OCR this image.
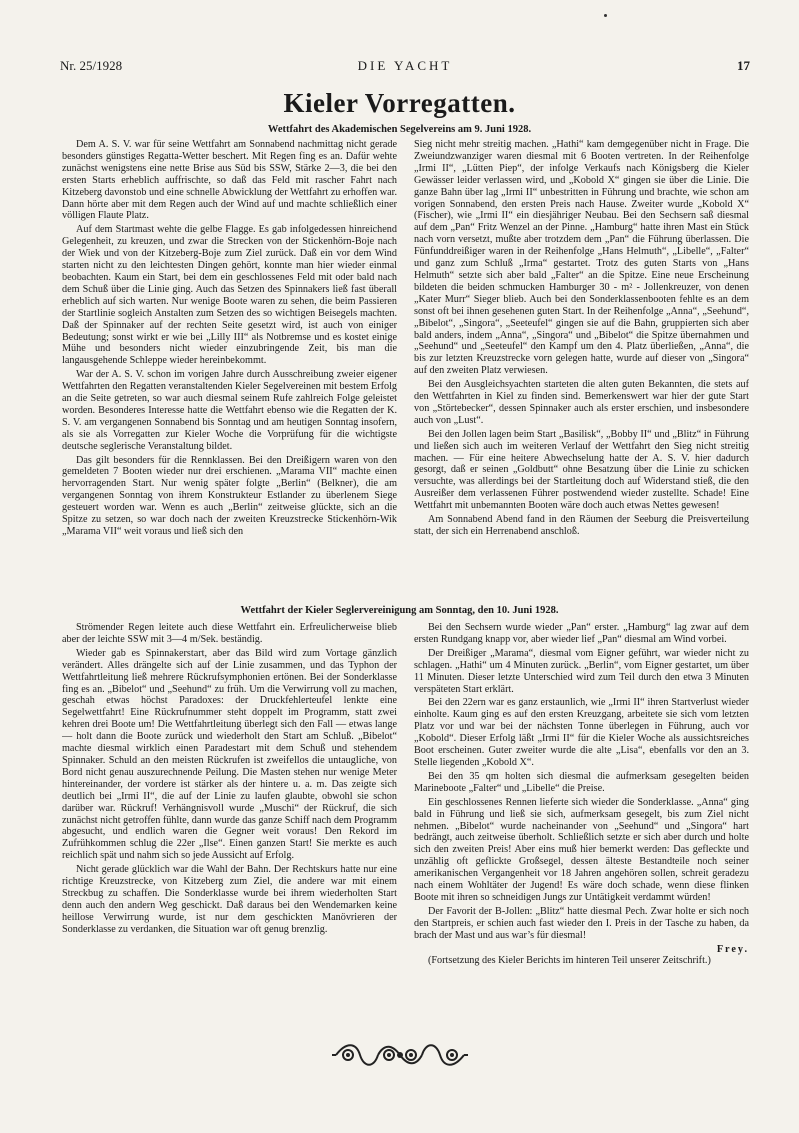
Nr. 25/1928	DIE YACHT	17
Kieler Vorregatten.
Wettfahrt des Akademischen Segelvereins am 9. Juni 1928.

Dem A. S. V. war für seine Wettfahrt am Sonnabend nachmittag nicht gerade besonders günstiges Regatta-Wetter beschert. Mit Regen fing es an. Dafür wehte zunächst wenigstens eine nette Brise aus Süd bis SSW, Stärke 2—3, die bei den ersten Starts erheblich auffrischte, so daß das Feld mit rascher Fahrt nach Kitzeberg davonstob und eine schnelle Abwicklung der Wettfahrt zu erhoffen war. Dann hörte aber mit dem Regen auch der Wind auf und machte schließlich einer völligen Flaute Platz.

Auf dem Startmast wehte die gelbe Flagge. Es gab infolgedessen hinreichend Gelegenheit, zu kreuzen, und zwar die Strecken von der Stickenhörn-Boje nach der Wiek und von der Kitzeberg-Boje zum Ziel zurück. Daß ein vor dem Wind starten nicht zu den leichtesten Dingen gehört, konnte man hier wieder einmal beobachten. Kaum ein Start, bei dem ein geschlossenes Feld mit oder bald nach dem Schuß über die Linie ging. Auch das Setzen des Spinnakers ließ fast überall erheblich auf sich warten. Nur wenige Boote waren zu sehen, die beim Passieren der Startlinie sogleich Anstalten zum Setzen des so wichtigen Beisegels machten. Daß der Spinnaker auf der rechten Seite gesetzt wird, ist auch von einiger Bedeutung; sonst wirkt er wie bei „Lilly III“ als Notbremse und es kostet einige Mühe und besonders nicht wieder einzubringende Zeit, bis man die langausgehende Schleppe wieder hereinbekommt.

War der A. S. V. schon im vorigen Jahre durch Ausschreibung zweier eigener Wettfahrten den Regatten veranstaltenden Kieler Segelvereinen mit bestem Erfolg an die Seite getreten, so war auch diesmal seinem Rufe zahlreich Folge geleistet worden. Besonderes Interesse hatte die Wettfahrt ebenso wie die Regatten der K. S. V. am vergangenen Sonnabend bis Sonntag und am heutigen Sonntag insofern, als sie als Vorregatten zur Kieler Woche die Vorprüfung für die wichtigste deutsche seglerische Veranstaltung bildet.

Das gilt besonders für die Rennklassen. Bei den Dreißigern waren von den gemeldeten 7 Booten wieder nur drei erschienen. „Marama VII“ machte einen hervorragenden Start. Nur wenig später folgte „Berlin“ (Belkner), die am vergangenen Sonntag von ihrem Konstrukteur Estlander zu überlenem Siege gesteuert worden war. Wenn es auch „Berlin“ zeitweise glückte, sich an die Spitze zu setzen, so war doch nach der zweiten Kreuzstrecke Stickenhörn-Wik „Marama VII“ weit voraus und ließ sich den

Sieg nicht mehr streitig machen. „Hathi“ kam demgegenüber nicht in Frage. Die Zweiundzwanziger waren diesmal mit 6 Booten vertreten. In der Reihenfolge „Irmi II“, „Lütten Piep“, der infolge Verkaufs nach Königsberg die Kieler Gewässer leider verlassen wird, und „Kobold X“ gingen sie über die Linie. Die ganze Bahn über lag „Irmi II“ unbestritten in Führung und brachte, wie schon am vorigen Sonnabend, den ersten Preis nach Hause. Zweiter wurde „Kobold X“ (Fischer), wie „Irmi II“ ein diesjähriger Neubau. Bei den Sechsern saß diesmal auf dem „Pan“ Fritz Wenzel an der Pinne. „Hamburg“ hatte ihren Mast ein Stück nach vorn versetzt, mußte aber trotzdem dem „Pan“ die Führung überlassen. Die Fünfunddreißiger waren in der Reihenfolge „Hans Helmuth“, „Libelle“, „Falter“ und ganz zum Schluß „Irma“ gestartet. Trotz des guten Starts von „Hans Helmuth“ setzte sich aber bald „Falter“ an die Spitze. Eine neue Erscheinung bildeten die beiden schmucken Hamburger 30 - m² - Jollenkreuzer, von denen „Kater Murr“ Sieger blieb. Auch bei den Sonderklassenbooten fehlte es an dem sonst oft bei ihnen gesehenen guten Start. In der Reihenfolge „Anna“, „Seehund“, „Bibelot“, „Singora“, „Seeteufel“ gingen sie auf die Bahn, gruppierten sich aber bald anders, indem „Anna“, „Singora“ und „Bibelot“ die Spitze übernahmen und „Seehund“ und „Seeteufel“ den Kampf um den 4. Platz überließen, „Anna“, die bis zur letzten Kreuzstrecke vorn gelegen hatte, wurde auf dieser von „Singora“ auf den zweiten Platz verwiesen.

Bei den Ausgleichsyachten starteten die alten guten Bekannten, die stets auf den Wettfahrten in Kiel zu finden sind. Bemerkenswert war hier der gute Start von „Störtebecker“, dessen Spinnaker auch als erster erschien, und insbesondere auch von „Lust“.

Bei den Jollen lagen beim Start „Basilisk“, „Bobby II“ und „Blitz“ in Führung und ließen sich auch im weiteren Verlauf der Wettfahrt den Sieg nicht streitig machen. — Für eine heitere Abwechselung hatte der A. S. V. hier dadurch gesorgt, daß er seinen „Goldbutt“ ohne Besatzung über die Linie zu schicken versuchte, was allerdings bei der Startleitung doch auf Widerstand stieß, die den Ausreißer dem verlassenen Führer postwendend wieder zustellte. Schade! Eine Wettfahrt mit unbemannten Booten wäre doch auch etwas Nettes gewesen!

Am Sonnabend Abend fand in den Räumen der Seeburg die Preisverteilung statt, der sich ein Herrenabend anschloß.

Wettfahrt der Kieler Seglervereinigung am Sonntag, den 10. Juni 1928.

Strömender Regen leitete auch diese Wettfahrt ein. Erfreulicherweise blieb aber der leichte SSW mit 3—4 m/Sek. beständig.

Wieder gab es Spinnakerstart, aber das Bild wird zum Vortage gänzlich verändert. Alles drängelte sich auf der Linie zusammen, und das Typhon der Wettfahrtleitung ließ mehrere Rückrufsymphonien ertönen. Bei der Sonderklasse fing es an. „Bibelot“ und „Seehund“ zu früh. Um die Verwirrung voll zu machen, geschah etwas höchst Paradoxes: der Druckfehlerteufel lenkte eine Segelwettfahrt! Eine Rückrufnummer steht doppelt im Programm, statt zwei kehren drei Boote um! Die Wettfahrtleitung überlegt sich den Fall — etwas lange — holt dann die Boote zurück und wiederholt den Start am Schluß. „Bibelot“ machte diesmal wirklich einen Paradestart mit dem Schuß und stehendem Spinnaker. Schuld an den meisten Rückrufen ist zweifellos die untaugliche, von Bord nicht genau auszurechnende Peilung. Die Masten stehen nur wenige Meter hintereinander, der vordere ist stärker als der hintere u. a. m. Das zeigte sich deutlich bei „Irmi II“, die auf der Linie zu laufen glaubte, obwohl sie schon darüber war. Rückruf! Verhängnisvoll wurde „Muschi“ der Rückruf, die sich zunächst nicht getroffen fühlte, dann wurde das ganze Schiff nach dem Programm abgesucht, und endlich waren die Gegner weit voraus! Den Rekord im Zufrühkommen schlug die 22er „Ilse“. Einen ganzen Start! Sie merkte es auch reichlich spät und nahm sich so jede Aussicht auf Erfolg.

Nicht gerade glücklich war die Wahl der Bahn. Der Rechtskurs hatte nur eine richtige Kreuzstrecke, von Kitzeberg zum Ziel, die andere war mit einem Streckbug zu schaffen. Die Sonderklasse wurde bei ihrem wiederholten Start denn auch den andern Weg geschickt. Daß daraus bei den Wendemarken keine heillose Verwirrung wurde, ist nur dem geschickten Manövrieren der Sonderklasse zu verdanken, die Situation war oft genug brenzlig.

Bei den Sechsern wurde wieder „Pan“ erster. „Hamburg“ lag zwar auf dem ersten Rundgang knapp vor, aber wieder lief „Pan“ diesmal am Wind vorbei.

Der Dreißiger „Marama“, diesmal vom Eigner geführt, war wieder nicht zu schlagen. „Hathi“ um 4 Minuten zurück. „Berlin“, vom Eigner gestartet, um über 11 Minuten. Dieser letzte Unterschied wird zum Teil durch den etwa 3 Minuten verspäteten Start erklärt.

Bei den 22ern war es ganz erstaunlich, wie „Irmi II“ ihren Startverlust wieder einholte. Kaum ging es auf den ersten Kreuzgang, arbeitete sie sich vom letzten Platz vor und war bei der nächsten Tonne überlegen in Führung, auch vor „Kobold“. Dieser Erfolg läßt „Irmi II“ für die Kieler Woche als aussichtsreiches Boot erscheinen. Guter zweiter wurde die alte „Lisa“, ebenfalls vor den an 3. Stelle liegenden „Kobold X“.

Bei den 35 qm holten sich diesmal die aufmerksam gesegelten beiden Marineboote „Falter“ und „Libelle“ die Preise.

Ein geschlossenes Rennen lieferte sich wieder die Sonderklasse. „Anna“ ging bald in Führung und ließ sie sich, aufmerksam gesegelt, bis zum Ziel nicht nehmen. „Bibelot“ wurde nacheinander von „Seehund“ und „Singora“ hart bedrängt, auch zeitweise überholt. Schließlich setzte er sich aber durch und holte sich den zweiten Preis! Aber eins muß hier bemerkt werden: Das gefleckte und unzählig oft geflickte Großsegel, dessen älteste Bestandteile noch seiner amerikanischen Vergangenheit vor 18 Jahren angehören sollen, schreit geradezu nach einem Wohltäter der Jugend! Es wäre doch schade, wenn diese flinken Boote mit ihren so schneidigen Jungs zur Untätigkeit verdammt würden!

Der Favorit der B-Jollen: „Blitz“ hatte diesmal Pech. Zwar holte er sich noch den Startpreis, er schien auch fast wieder den I. Preis in der Tasche zu haben, da brach der Mast und aus war’s für diesmal!

Frey.

(Fortsetzung des Kieler Berichts im hinteren Teil unserer Zeitschrift.)
